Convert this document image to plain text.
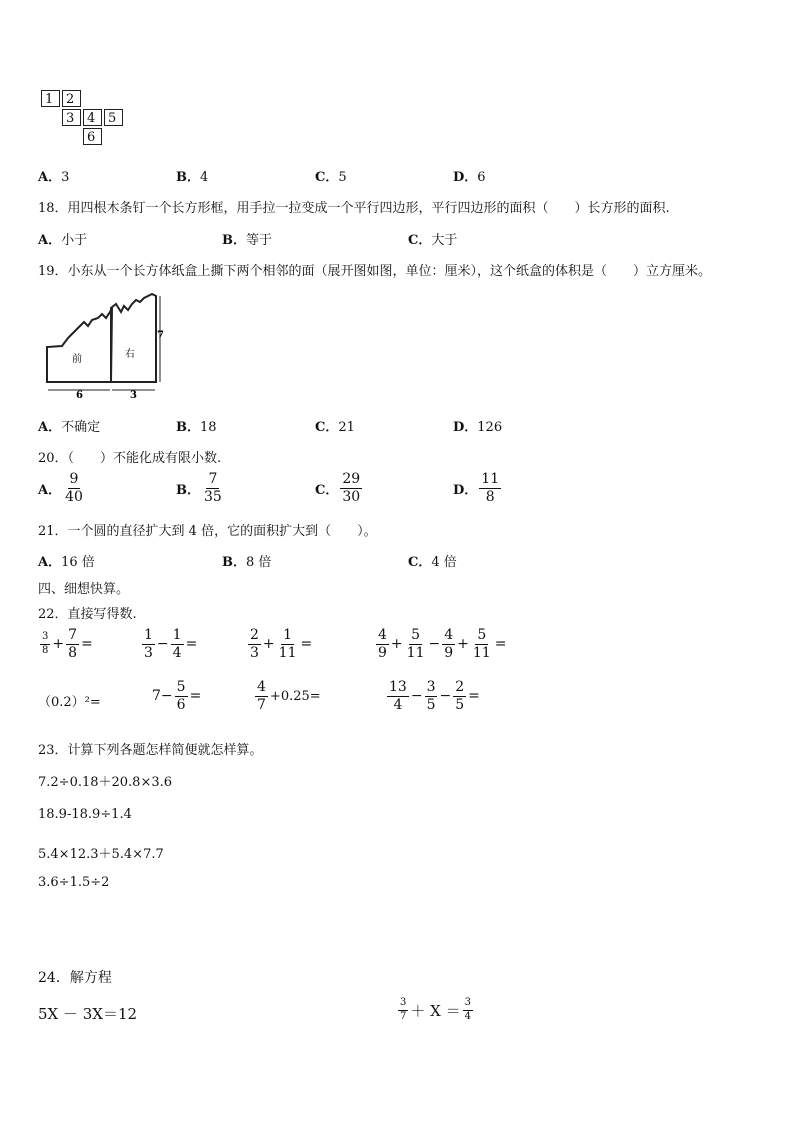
1 2
3 4 5
6
A．3	B．4	C．5	D．6
18．用四根木条钉一个长方形框，用手拉一拉变成一个平行四边形，平行四边形的面积（　　）长方形的面积.
A．小于	B．等于	C．大于
19．小东从一个长方体纸盒上撕下两个相邻的面（展开图如图，单位：厘米），这个纸盒的体积是（　　）立方厘米。
前	右
6	3
7
A．不确定	B．18	C．21	D．126
20．（　　）不能化成有限小数.
A． $\frac{9}{40}$	B． $\frac{7}{35}$	C． $\frac{29}{30}$	D． $\frac{11}{8}$
21．一个圆的直径扩大到 4 倍，它的面积扩大到（　　）。
A．16 倍	B．8 倍	C．4 倍
四、细想快算。
22．直接写得数.
$\frac{3}{8} + \frac{7}{8}$ =	$\frac{1}{3} - \frac{1}{4}$ =	$\frac{2}{3} + \frac{1}{11}$ =	$\frac{4}{9} + \frac{5}{11} - \frac{4}{9} + \frac{5}{11}$ =
（0.2）²=	$7- \frac{5}{6}$ =	$\frac{4}{7} +0.25=$	$\frac{13}{4} - \frac{3}{5} - \frac{2}{5}$ =
23．计算下列各题怎样简便就怎样算。
7.2÷0.18＋20.8×3.6
18.9-18.9÷1.4
5.4×12.3＋5.4×7.7
3.6÷1.5÷2
24．解方程
5X － 3X＝12	$\frac{3}{7} + X = \frac{3}{4}$
